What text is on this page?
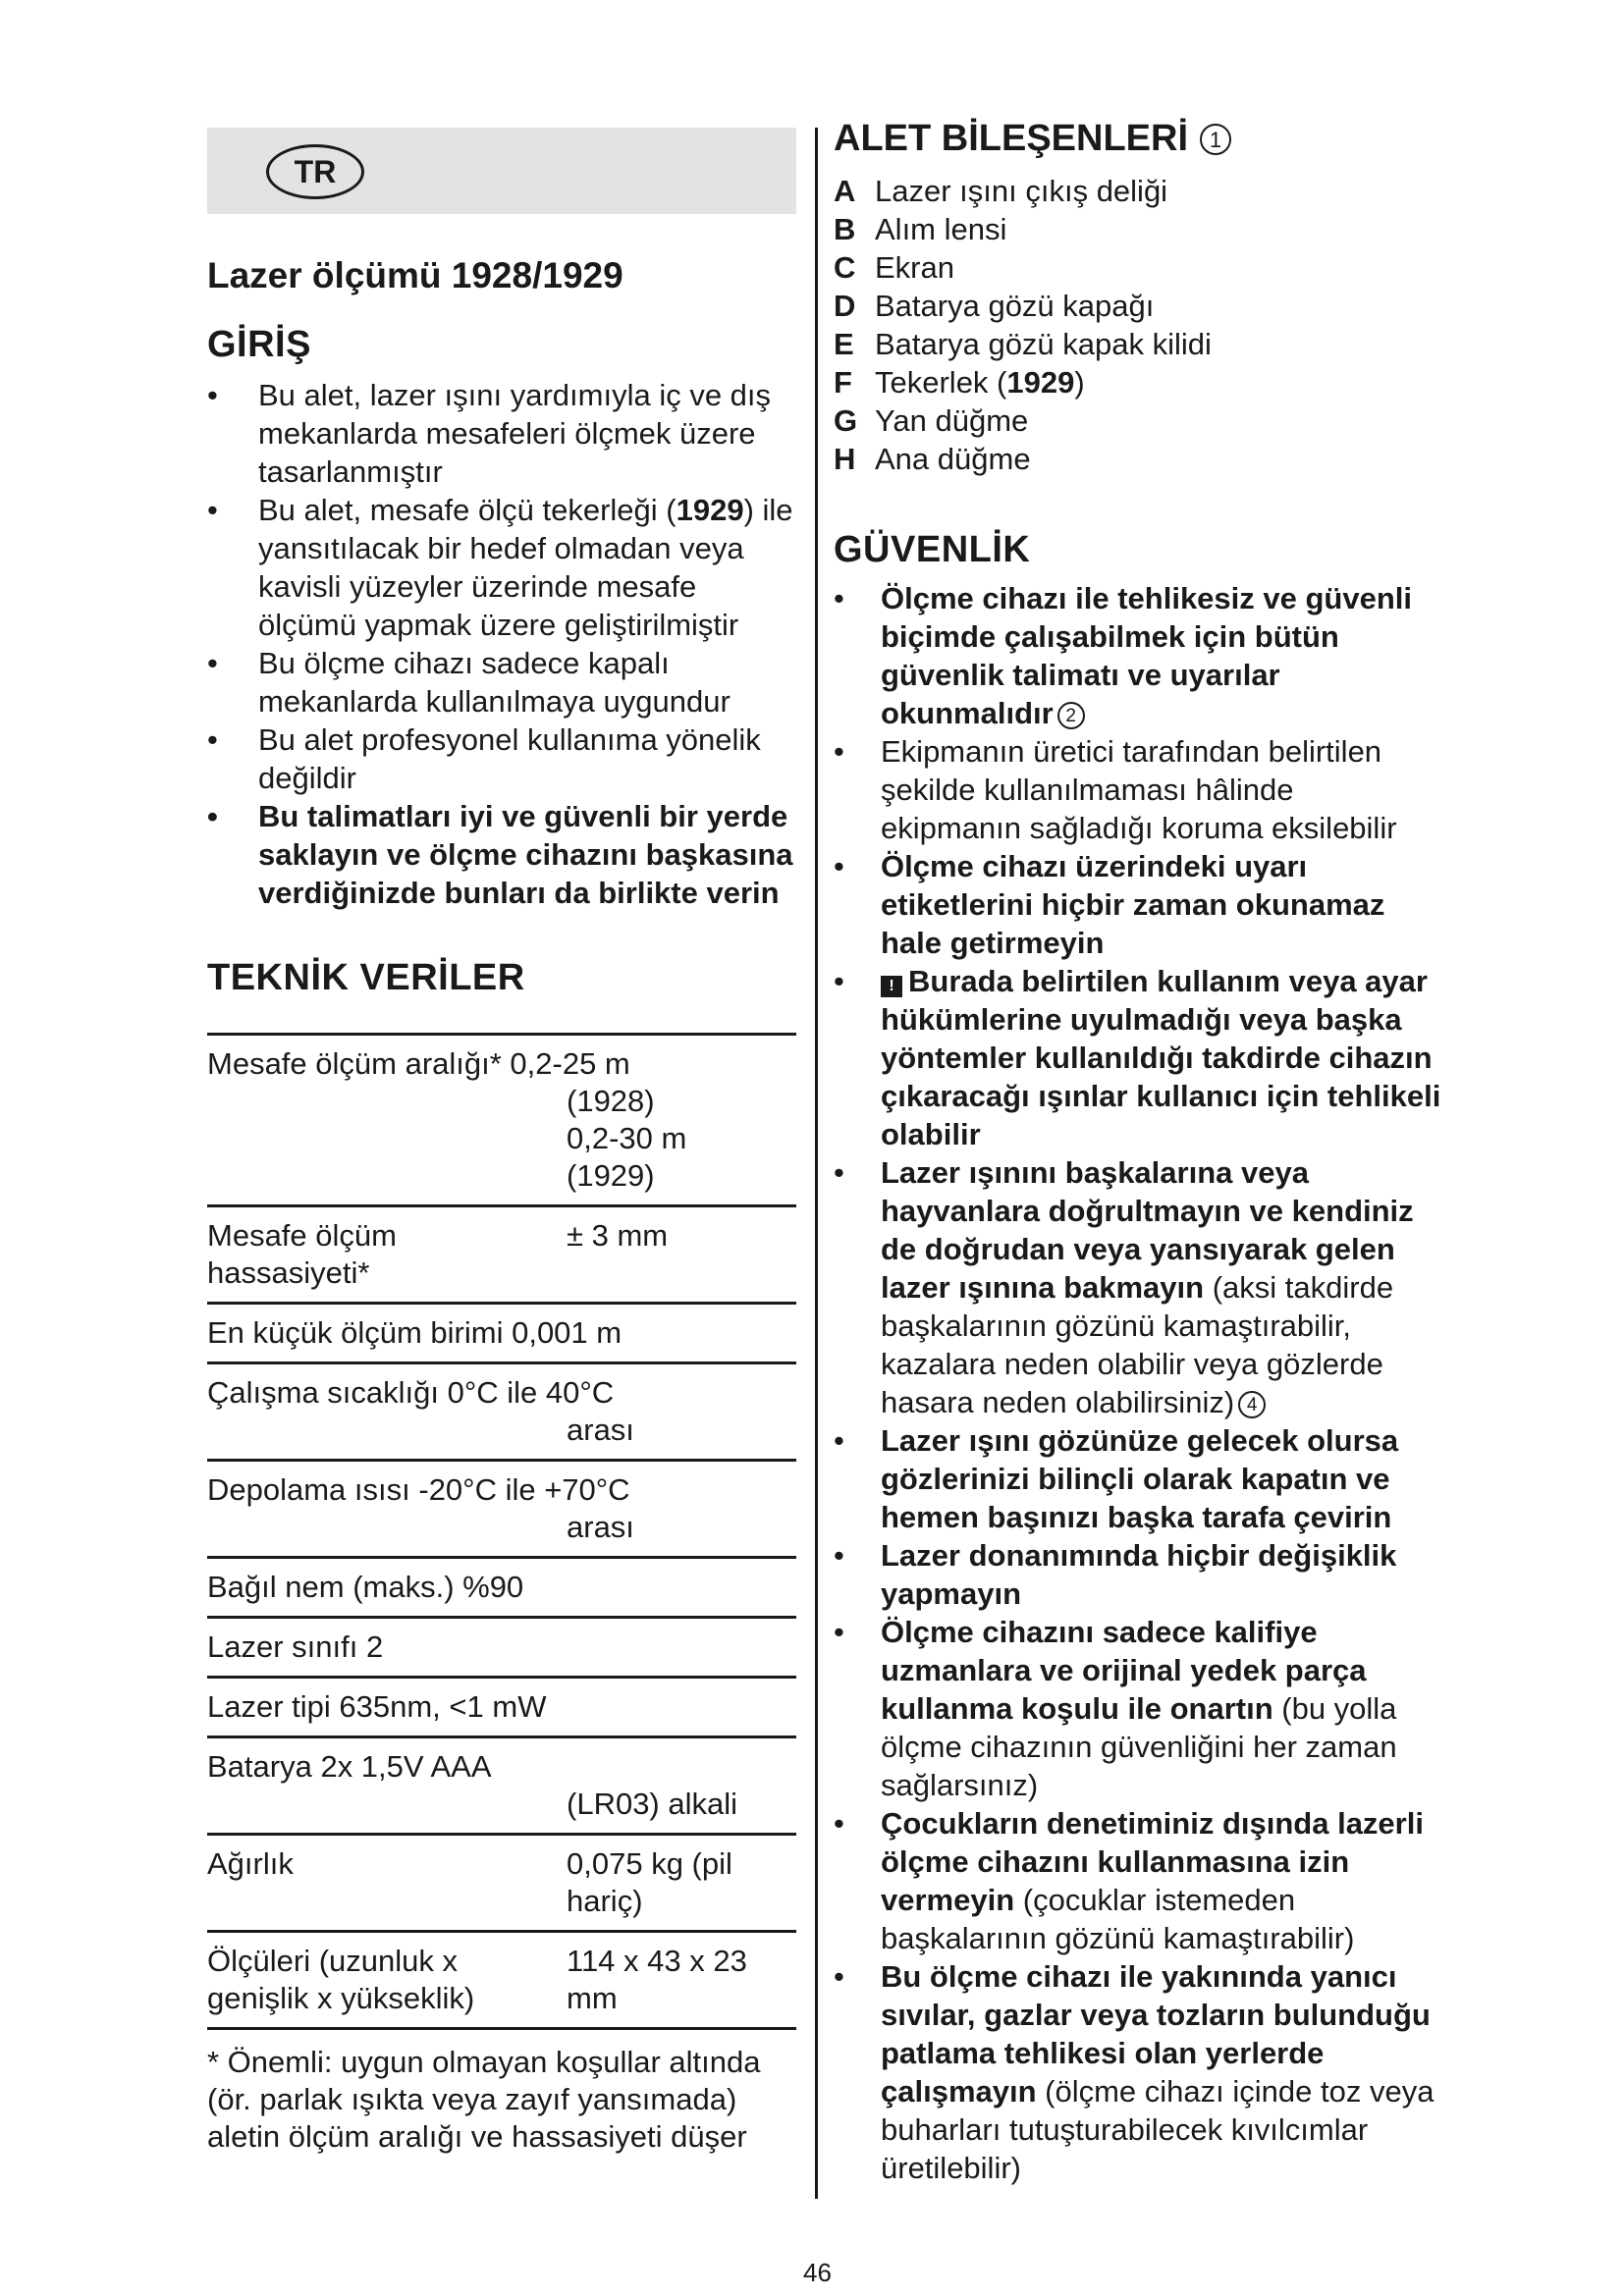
TR
Lazer ölçümü 1928/1929
GİRİŞ
• Bu alet, lazer ışını yardımıyla iç ve dış mekanlarda mesafeleri ölçmek üzere tasarlanmıştır
• Bu alet, mesafe ölçü tekerleği (1929) ile yansıtılacak bir hedef olmadan veya kavisli yüzeyler üzerinde mesafe ölçümü yapmak üzere geliştirilmiştir
• Bu ölçme cihazı sadece kapalı mekanlarda kullanılmaya uygundur
• Bu alet profesyonel kullanıma yönelik değildir
• Bu talimatları iyi ve güvenli bir yerde saklayın ve ölçme cihazını başkasına verdiğinizde bunları da birlikte verin
TEKNİK VERİLER
Mesafe ölçüm aralığı* 0,2-25 m
(1928)
0,2-30 m
(1929)
Mesafe ölçüm hassasiyeti*
± 3 mm
En küçük ölçüm birimi 0,001 m
Çalışma sıcaklığı 0°C ile 40°C
arası
Depolama ısısı -20°C ile +70°C
arası
Bağıl nem (maks.) %90
Lazer sınıfı 2
Lazer tipi 635nm, <1 mW
Batarya 2x 1,5V AAA
(LR03) alkali
Ağırlık	0,075 kg (pil hariç)
Ölçüleri (uzunluk x genişlik x yükseklik)
114 x 43 x 23 mm
* Önemli: uygun olmayan koşullar altında (ör. parlak ışıkta veya zayıf yansımada) aletin ölçüm aralığı ve hassasiyeti düşer
ALET BİLEŞENLERİ 1
A Lazer ışını çıkış deliği
B Alım lensi
C Ekran
D Batarya gözü kapağı
E Batarya gözü kapak kilidi
F Tekerlek (1929)
G Yan düğme
H Ana düğme
GÜVENLİK
• Ölçme cihazı ile tehlikesiz ve güvenli biçimde çalışabilmek için bütün güvenlik talimatı ve uyarılar okunmalıdır 2
• Ekipmanın üretici tarafından belirtilen şekilde kullanılmaması hâlinde ekipmanın sağladığı koruma eksilebilir
• Ölçme cihazı üzerindeki uyarı etiketlerini hiçbir zaman okunamaz hale getirmeyin
• ! Burada belirtilen kullanım veya ayar hükümlerine uyulmadığı veya başka yöntemler kullanıldığı takdirde cihazın çıkaracağı ışınlar kullanıcı için tehlikeli olabilir
• Lazer ışınını başkalarına veya hayvanlara doğrultmayın ve kendiniz de doğrudan veya yansıyarak gelen lazer ışınına bakmayın (aksi takdirde başkalarının gözünü kamaştırabilir, kazalara neden olabilir veya gözlerde hasara neden olabilirsiniz) 4
• Lazer ışını gözünüze gelecek olursa gözlerinizi bilinçli olarak kapatın ve hemen başınızı başka tarafa çevirin
• Lazer donanımında hiçbir değişiklik yapmayın
• Ölçme cihazını sadece kalifiye uzmanlara ve orijinal yedek parça kullanma koşulu ile onartın (bu yolla ölçme cihazının güvenliğini her zaman sağlarsınız)
• Çocukların denetiminiz dışında lazerli ölçme cihazını kullanmasına izin vermeyin (çocuklar istemeden başkalarının gözünü kamaştırabilir)
• Bu ölçme cihazı ile yakınında yanıcı sıvılar, gazlar veya tozların bulunduğu patlama tehlikesi olan yerlerde çalışmayın (ölçme cihazı içinde toz veya buharları tutuşturabilecek kıvılcımlar üretilebilir)
46
